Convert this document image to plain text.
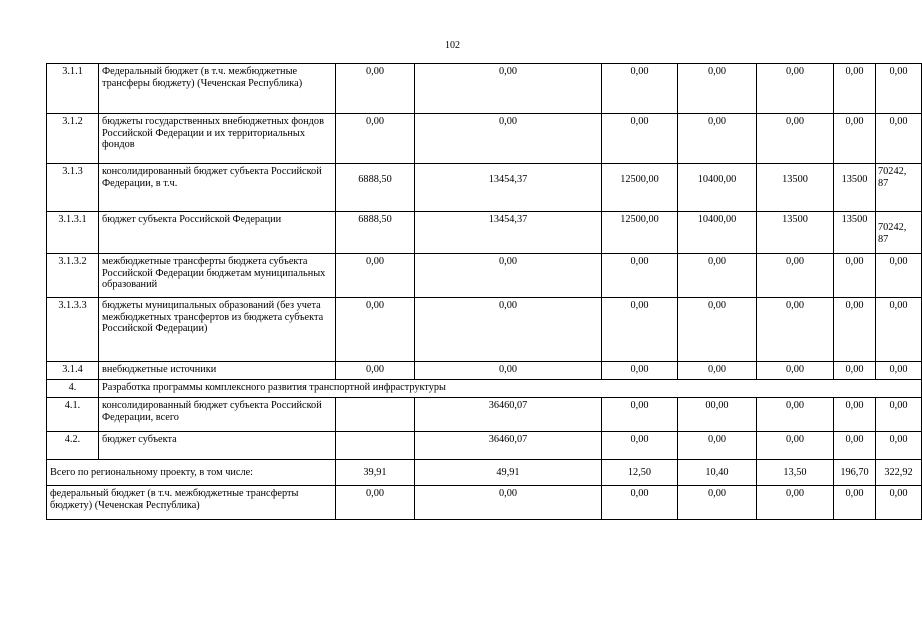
102
3.1.1	Федеральный бюджет (в т.ч. межбюджетные трансферы бюджету) (Чеченская Республика)	0,00	0,00	0,00	0,00	0,00	0,00	0,00
3.1.2	бюджеты государственных внебюджетных фондов Российской Федерации и их территориальных фондов	0,00	0,00	0,00	0,00	0,00	0,00	0,00
3.1.3	консолидированный бюджет субъекта Российской Федерации, в т.ч.	6888,50	13454,37	12500,00	10400,00	13500	13500	70242, 87
3.1.3.1	бюджет субъекта Российской Федерации	6888,50	13454,37	12500,00	10400,00	13500	13500	70242, 87
3.1.3.2	межбюджетные трансферты бюджета субъекта Российской Федерации бюджетам муниципальных образований	0,00	0,00	0,00	0,00	0,00	0,00	0,00
3.1.3.3	бюджеты муниципальных образований (без учета межбюджетных трансфертов из бюджета субъекта Российской Федерации)	0,00	0,00	0,00	0,00	0,00	0,00	0,00
3.1.4	внебюджетные источники	0,00	0,00	0,00	0,00	0,00	0,00	0,00
4.	Разработка программы комплексного развития транспортной инфраструктуры							
4.1.	консолидированный бюджет субъекта Российской Федерации, всего		36460,07	0,00	00,00	0,00	0,00	0,00
4.2.	бюджет субъекта		36460,07	0,00	0,00	0,00	0,00	0,00
Всего по региональному проекту, в том числе:		39,91	49,91	12,50	10,40	13,50	196,70	322,92
федеральный бюджет (в т.ч. межбюджетные трансферты бюджету) (Чеченская Республика)		0,00	0,00	0,00	0,00	0,00	0,00	0,00
